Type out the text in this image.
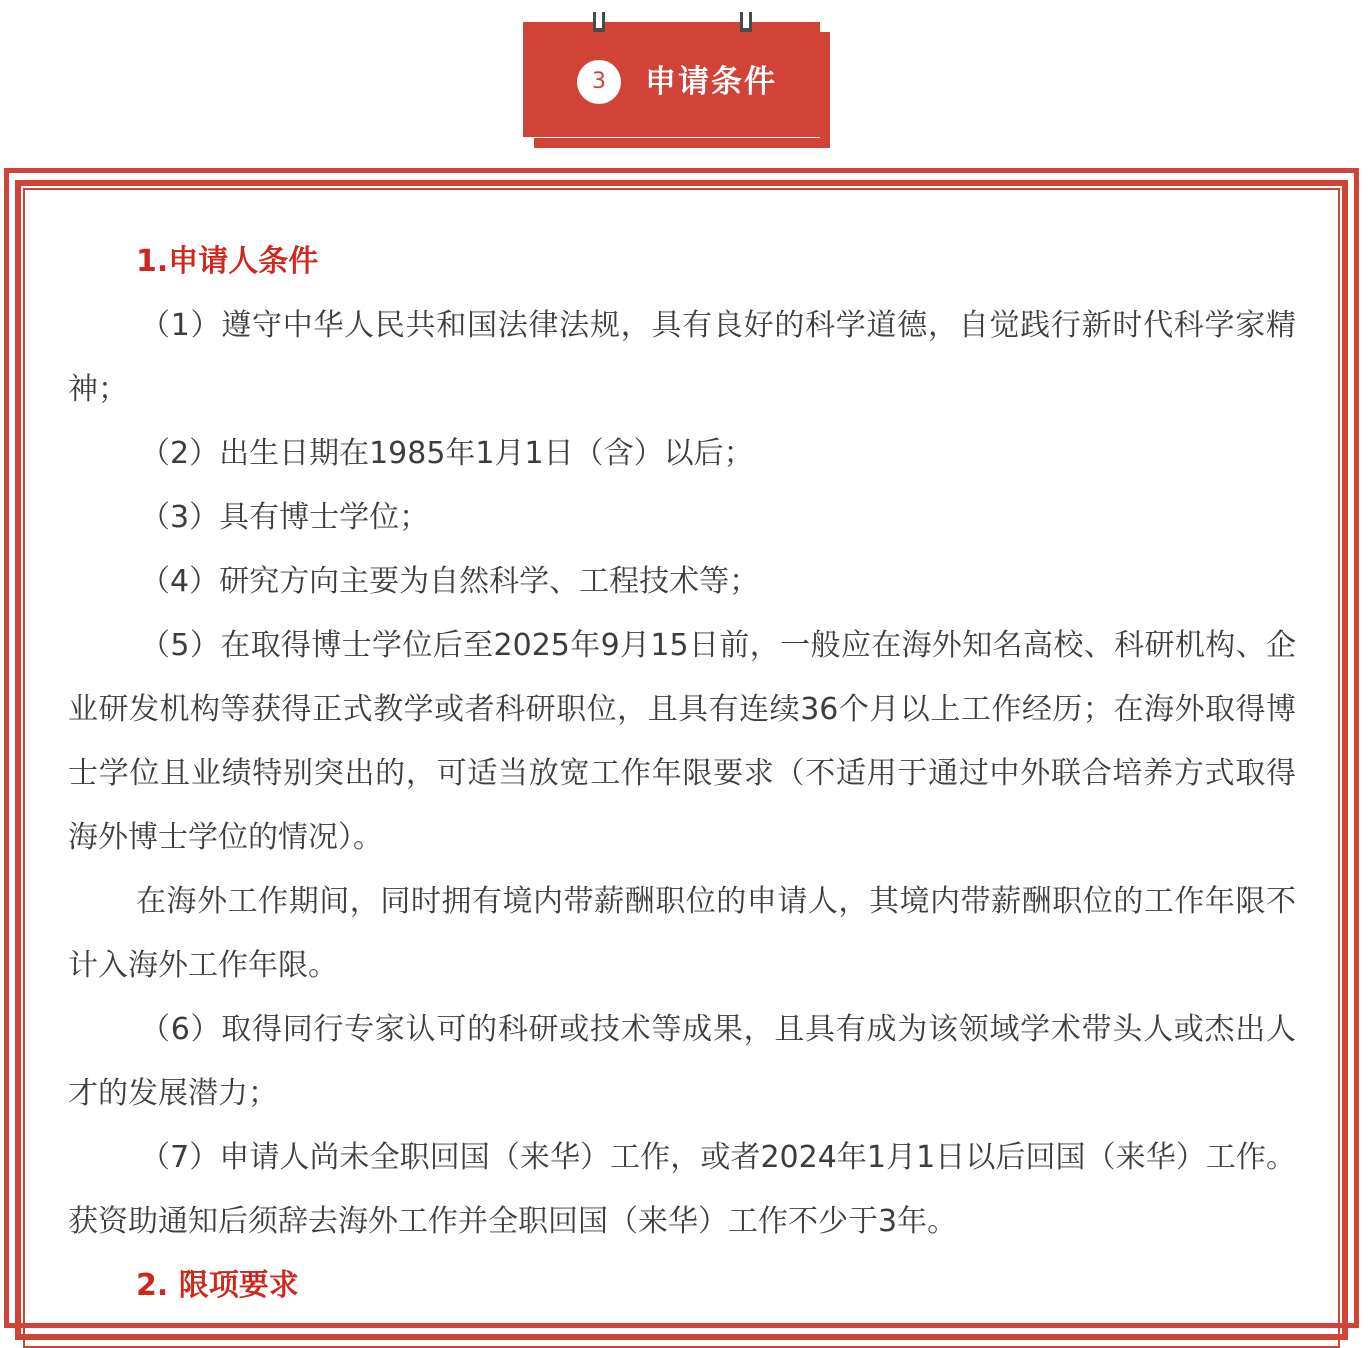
3	申请条件
1.申请人条件

（1）遵守中华人民共和国法律法规，具有良好的科学道德，自觉践行新时代科学家精神；

（2）出生日期在1985年1月1日（含）以后；

（3）具有博士学位；

（4）研究方向主要为自然科学、工程技术等；

（5）在取得博士学位后至2025年9月15日前，一般应在海外知名高校、科研机构、企业研发机构等获得正式教学或者科研职位，且具有连续36个月以上工作经历；在海外取得博士学位且业绩特别突出的，可适当放宽工作年限要求（不适用于通过中外联合培养方式取得海外博士学位的情况）。

在海外工作期间，同时拥有境内带薪酬职位的申请人，其境内带薪酬职位的工作年限不计入海外工作年限。

（6）取得同行专家认可的科研或技术等成果，且具有成为该领域学术带头人或杰出人才的发展潜力；

（7）申请人尚未全职回国（来华）工作，或者2024年1月1日以后回国（来华）工作。获资助通知后须辞去海外工作并全职回国（来华）工作不少于3年。

2. 限项要求
